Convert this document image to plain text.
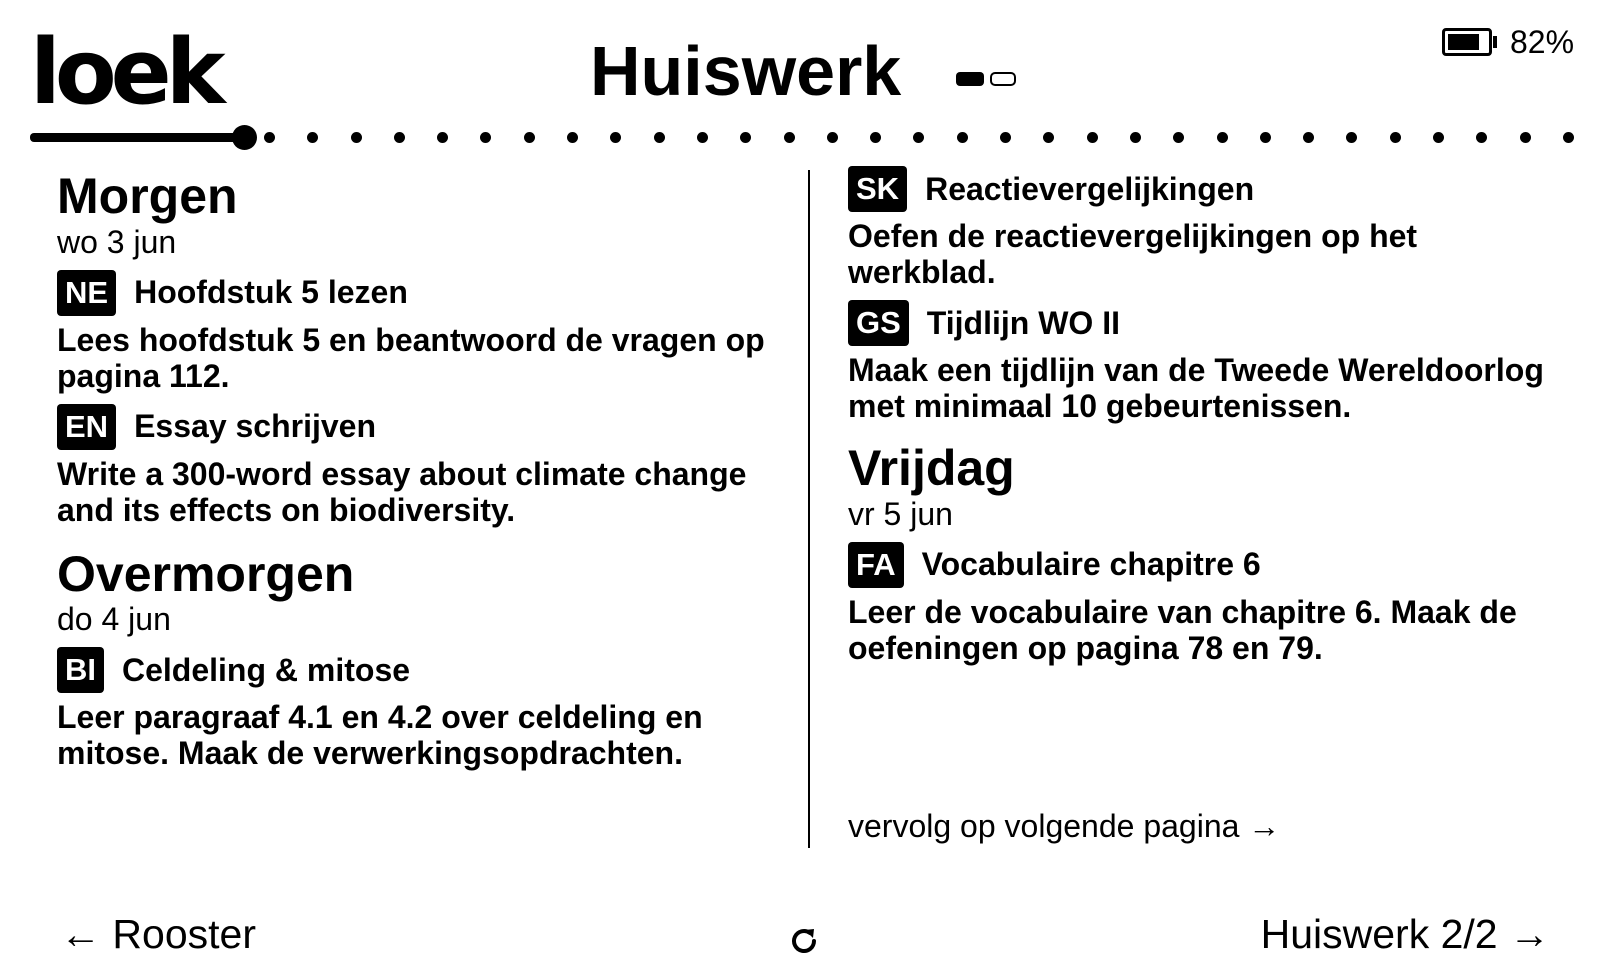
loek	Huiswerk	82%
Morgen
wo 3 jun
NE Hoofdstuk 5 lezen
Lees hoofdstuk 5 en beantwoord de vragen op pagina 112.
EN Essay schrijven
Write a 300-word essay about climate change and its effects on biodiversity.
Overmorgen
do 4 jun
BI Celdeling & mitose
Leer paragraaf 4.1 en 4.2 over celdeling en mitose. Maak de verwerkingsopdrachten.
SK Reactievergelijkingen
Oefen de reactievergelijkingen op het werkblad.
GS Tijdlijn WO II
Maak een tijdlijn van de Tweede Wereldoorlog met minimaal 10 gebeurtenissen.
Vrijdag
vr 5 jun
FA Vocabulaire chapitre 6
Leer de vocabulaire van chapitre 6. Maak de oefeningen op pagina 78 en 79.
vervolg op volgende pagina →
← Rooster	Huiswerk 2/2 →
